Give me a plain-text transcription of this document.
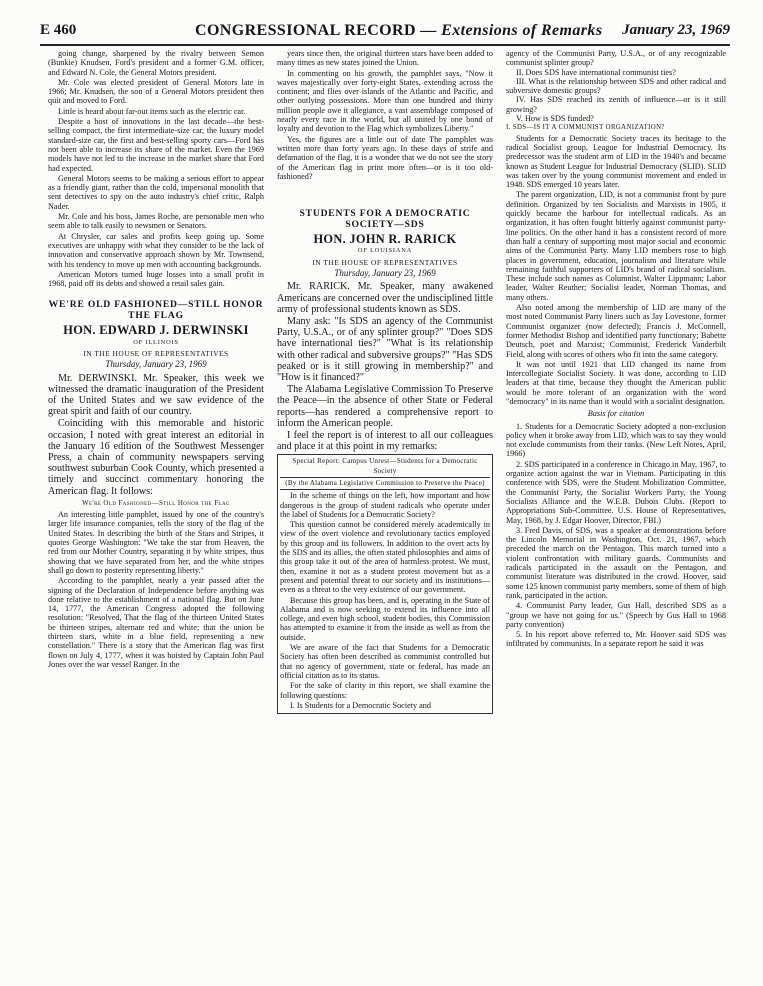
E 460	CONGRESSIONAL RECORD — Extensions of Remarks January 23, 1969

going change, sharpened by the rivalry between Semon (Bunkie) Knudsen, Ford's president and a former G.M. officer, and Edward N. Cole, the General Motors president.

Mr. Cole was elected president of General Motors late in 1966; Mr. Knudsen, the son of a General Motors president then quit and moved to Ford.

Little is heard about far-out items such as the electric car.

Despite a host of innovations in the last decade—the best-selling compact, the first intermediate-size car, the luxury model standard-size car, the first and best-selling sporty cars—Ford has not been able to increase its share of the market. Even the 1969 models have not led to the increase in the market share that Ford had expected.

General Motors seems to be making a serious effort to appear as a friendly giant, rather than the cold, impersonal monolith that sent detectives to spy on the auto industry's chief critic, Ralph Nader.

Mr. Cole and his boss, James Roche, are personable men who seem able to talk easily to newsmen or Senators.

At Chrysler, car sales and profits keep going up. Some executives are unhappy with what they consider to be the lack of innovation and conservative approach shown by Mr. Townsend, with his tendency to move up men with accounting backgrounds.

American Motors turned huge losses into a small profit in 1968, paid off its debts and showed a retail sales gain.

WE'RE OLD FASHIONED—STILL HONOR THE FLAG
HON. EDWARD J. DERWINSKI
OF ILLINOIS
IN THE HOUSE OF REPRESENTATIVES
Thursday, January 23, 1969

Mr. DERWINSKI. Mr. Speaker, this week we witnessed the dramatic inauguration of the President of the United States and we saw evidence of the great spirit and faith of our country.

Coinciding with this memorable and historic occasion, I noted with great interest an editorial in the January 16 edition of the Southwest Messenger Press, a chain of community newspapers serving southwest suburban Cook County, which presented a timely and succinct commentary honoring the American flag. It follows:

We're Old Fashioned—Still Honor the Flag

An interesting little pamphlet, issued by one of the country's larger life insurance companies, tells the story of the flag of the United States. In describing the birth of the Stars and Stripes, it quotes George Washington: "We take the star from Heaven, the red from our Mother Country, separating it by white stripes, thus showing that we have separated from her, and the white stripes shall go down to posterity representing liberty."

According to the pamphlet, nearly a year passed after the signing of the Declaration of Independence before anything was done relative to the establishment of a national flag. But on June 14, 1777, the American Congress adopted the following resolution: "Resolved, That the flag of the thirteen United States be thirteen stripes, alternate red and white; that the union be thirteen stars, white in a blue field, representing a new constellation." There is a story that the American flag was first flown on July 4, 1777, when it was hoisted by Captain John Paul Jones over the war vessel Ranger. In the

years since then, the original thirteen stars have been added to many times as new states joined the Union.

In commenting on his growth, the pamphlet says, "Now it waves majestically over forty-eight States, extending across the continent; and flies over islands of the Atlantic and Pacific, and other outlying possessions. More than one hundred and thirty million people owe it allegiance, a vast assemblage composed of nearly every race in the world, but all united by one bond of loyalty and devotion to the Flag which symbolizes Liberty."

Yes, the figures are a little out of date The pamphlet was written more than forty years ago. In these days of strife and defamation of the flag, it is a wonder that we do not see the story of the American flag in print more often—or is it too old-fashioned?

STUDENTS FOR A DEMOCRATIC SOCIETY—SDS
HON. JOHN R. RARICK
OF LOUISIANA
IN THE HOUSE OF REPRESENTATIVES
Thursday, January 23, 1969

Mr. RARICK. Mr. Speaker, many awakened Americans are concerned over the undisciplined little army of professional students known as SDS.

Many ask: "Is SDS an agency of the Communist Party, U.S.A., or of any splinter group?" "Does SDS have international ties?" "What is its relationship with other radical and subversive groups?" "Has SDS peaked or is it still growing in membership?" and "How is it financed?"

The Alabama Legislative Commission To Preserve the Peace—in the absence of other State or Federal reports—has rendered a comprehensive report to inform the American people.

I feel the report is of interest to all our colleagues and place it at this point in my remarks:

Special Report: Campus Unrest—Students for a Democratic Society
(By the Alabama Legislative Commission to Preserve the Peace)

In the scheme of things on the left, how important and how dangerous is the group of student radicals who operate under the label of Students for a Democratic Society?

This question cannot be considered merely academically in view of the overt violence and revolutionary tactics employed by this group and its followers. In addition to the overt acts by the SDS and its allies, the often stated philosophies and aims of this group take it out of the area of harmless protest. We must, then, examine it not as a student protest movement but as a present and potential threat to our society and its institutions—even as a threat to the very existence of our government.

Because this group has been, and is, operating in the State of Alabama and is now seeking to extend its influence into all college, and even high school, student bodies, this Commission has attempted to examine it from the inside as well as from the outside.

We are aware of the fact that Students for a Democratic Society has often been described as communist controlled but that no agency of government, state or federal, has made an official citation as to its status.

For the sake of clarity in this report, we shall examine the following questions:

I. Is Students for a Democratic Society and

agency of the Communist Party, U.S.A., or of any recognizable communist splinter group?

II. Does SDS have international communist ties?

III. What is the relationship between SDS and other radical and subversive domestic groups?

IV. Has SDS reached its zenith of influence—or is it still growing?

V. How is SDS funded?

I. SDS—IS IT A COMMUNIST ORGANIZATION?

Students for a Democratic Society traces its heritage to the radical Socialist group, League for Industrial Democracy. Its predecessor was the student arm of LID in the 1940's and became known as Student League for Industrial Democracy (SLID). SLID was taken over by the young communist movement and ended in 1948. SDS emerged 10 years later.

The parent organization, LID, is not a communist front by pure definition. Organized by ten Socialists and Marxists in 1905, it quickly became the harbour for intellectual radicals. As an organization, it has often fought bitterly against communist party-line politics. On the other hand it has a consistent record of more than half a century of supporting most major social and economic aims of the Communist Party. Many LID members rose to high places in government, education, journalism and literature while remaining faithful supporters of LID's brand of radical socialism. These include such names as Columnist, Walter Lippmann; Labor leader, Walter Reuther; Socialist leader, Norman Thomas, and many others.

Also noted among the membership of LID are many of the most noted Communist Party liners such as Jay Lovestone, former Communist organizer (now defected); Francis J. McConnell, former Methodist Bishop and identified party functionary; Babette Deutsch, poet and Marxist; Communist, Frederick Vanderbilt Field, along with scores of others who fit into the same category.

It was not until 1921 that LID changed its name from Intercollegiate Socialist Society. It was done, according to LID leaders at that time, because they thought the American public would be more tolerant of an organization with the word "democracy" in its name than it would with a socialist designation.

Basis for citation

1. Students for a Democratic Society adopted a non-exclusion policy when it broke away from LID, which was to say they would not exclude communists from their ranks. (New Left Notes, April, 1966)

2. SDS participated in a conference in Chicago in May, 1967, to organize action against the war in Vietnam. Participating in this conference with SDS, were the Student Mobilization Committee, the Communist Party, the Socialist Workers Party, the Young Socialists Alliance and the W.E.B. Dubois Clubs. (Report to Appropriations Sub-Committee. U.S. House of Representatives, May, 1968, by J. Edgar Hoover, Director, FBI.)

3. Fred Davis, of SDS, was a speaker at demonstrations before the Lincoln Memorial in Washington, Oct. 21, 1967, which preceded the march on the Pentagon. This march turned into a violent confrontation with military guards. Communists and radicals participated in the assault on the Pentagon, and communist literature was distributed in the crowd. Hoover, said some 125 known communist party members, some of them of high rank, participated in the action.

4. Communist Party leader, Gus Hall, described SDS as a "group we have not going for us." (Speech by Gus Hall to 1968 party convention)

5. In his report above referred to, Mr. Hoover said SDS was infiltrated by communists. In a separate report he said it was
